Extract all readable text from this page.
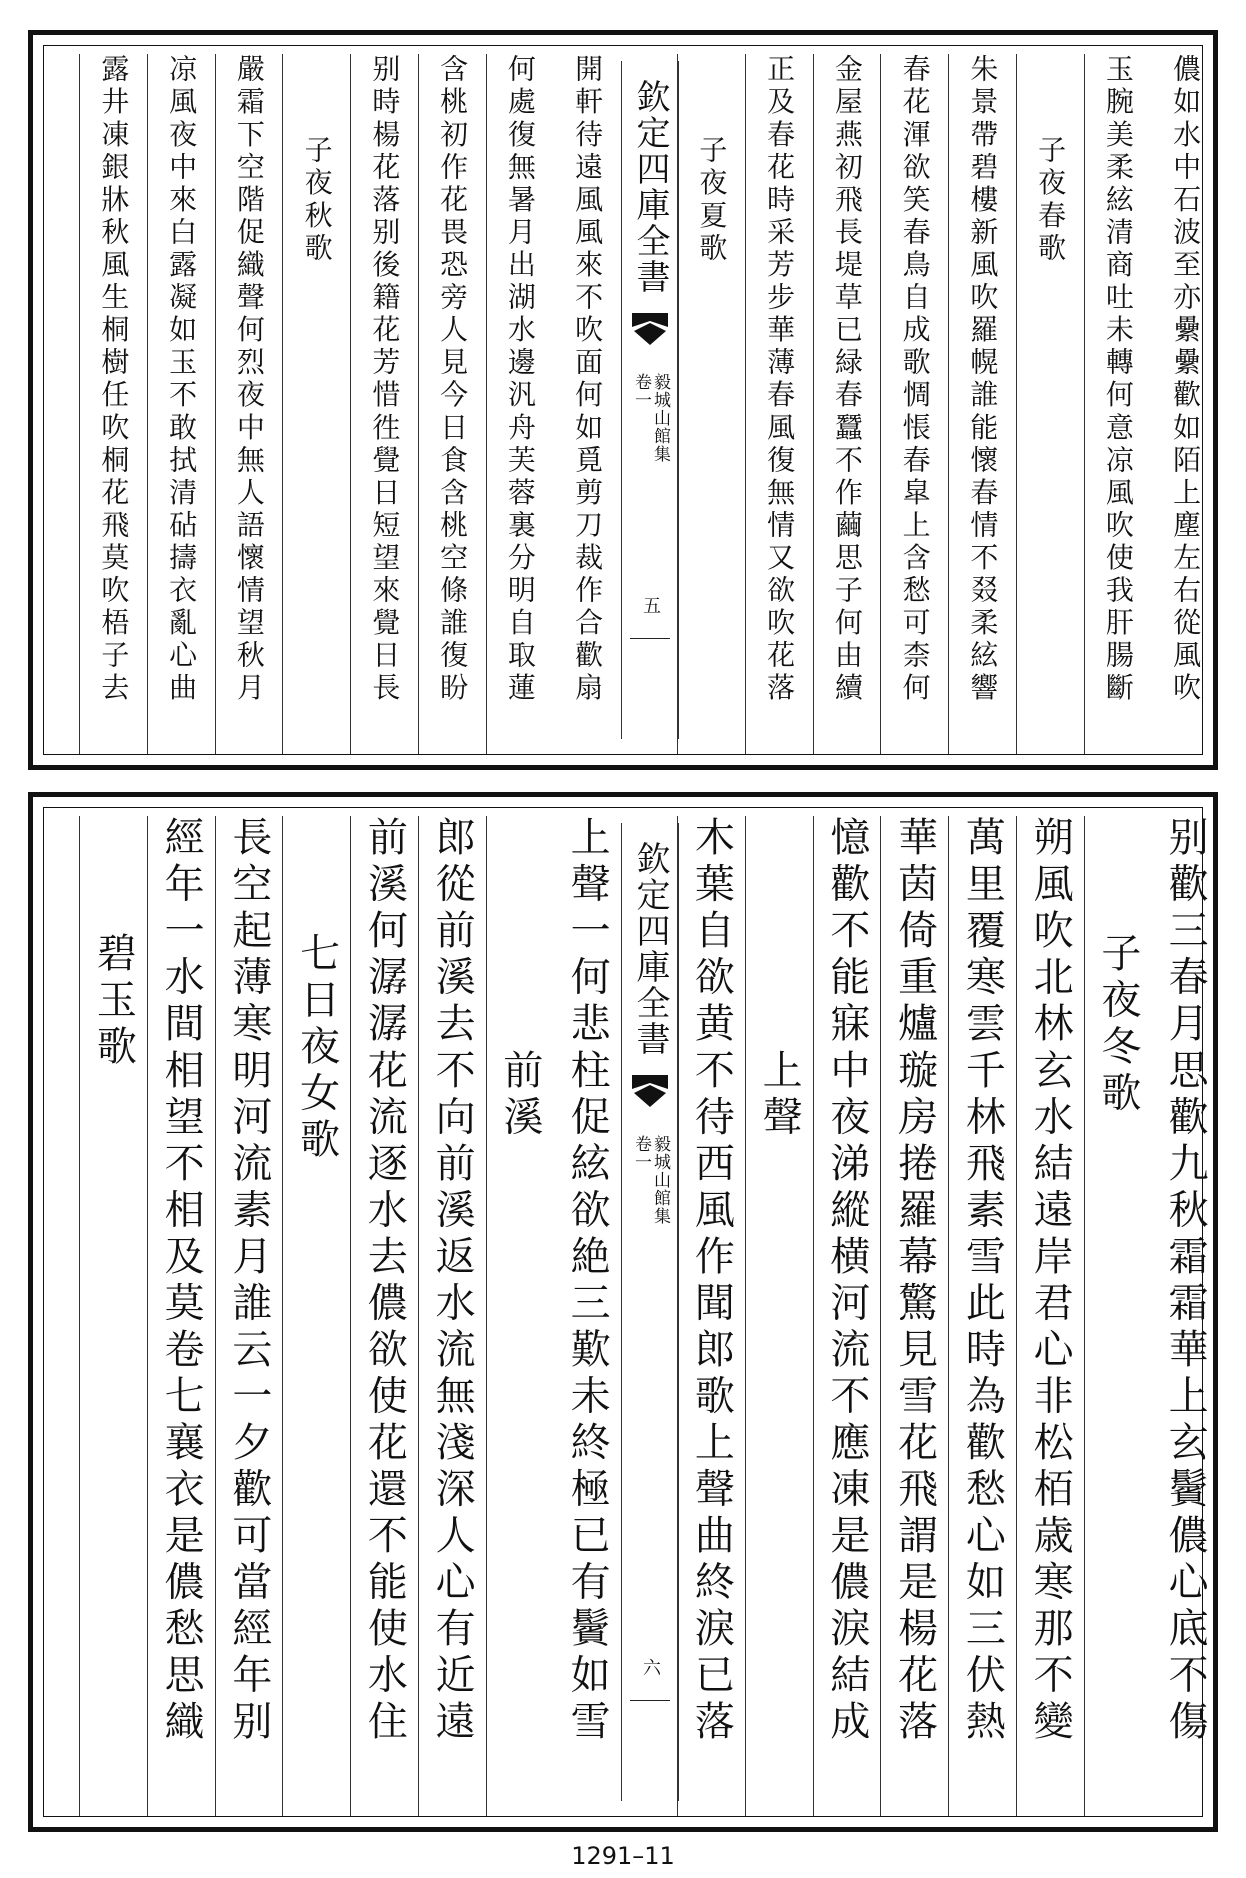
儂如水中石波至亦纍纍歡如陌上塵左右從風吹
玉腕美柔絃清商吐未轉何意凉風吹使我肝腸斷
子夜春歌
朱景帶碧樓新風吹羅幌誰能懷春情不叕柔絃響
春花渾欲笑春鳥自成歌惆悵春皐上含愁可柰何
金屋燕初飛長堤草已緑春蠶不作繭思子何由續
正及春花時采芳步華薄春風復無情又欲吹花落
子夜夏歌
欽定四庫全書
毅城山館集
卷一
五
開軒待遠風風來不吹面何如覓剪刀裁作合歡扇
何處復無暑月出湖水邊汎舟芙蓉裏分明自取蓮
含桃初作花畏恐旁人見今日食含桃空條誰復盼
别時楊花落别後籍花芳惜徃覺日短望來覺日長
子夜秋歌
嚴霜下空階促織聲何烈夜中無人語懷情望秋月
凉風夜中來白露凝如玉不敢拭清砧擣衣亂心曲
露井凍銀牀秋風生桐樹任吹桐花飛莫吹梧子去
别歡三春月思歡九秋霜霜華上玄鬢儂心底不傷
子夜冬歌
朔風吹北林玄水結遠岸君心非松栢歳寒那不變
萬里覆寒雲千林飛素雪此時為歡愁心如三伏熱
華茵倚重爐璇房捲羅幕驚見雪花飛謂是楊花落
憶歡不能寐中夜涕縱横河流不應凍是儂淚結成
上聲
木葉自欲黄不待西風作聞郎歌上聲曲終淚已落
欽定四庫全書
毅城山館集
卷一
六
上聲一何悲柱促絃欲絶三歎未終極已有鬢如雪
前溪
郎從前溪去不向前溪返水流無淺深人心有近遠
前溪何潺潺花流逐水去儂欲使花還不能使水住
七日夜女歌
長空起薄寒明河流素月誰云一夕歡可當經年别
經年一水間相望不相及莫卷七襄衣是儂愁思織
碧玉歌
1291–11
